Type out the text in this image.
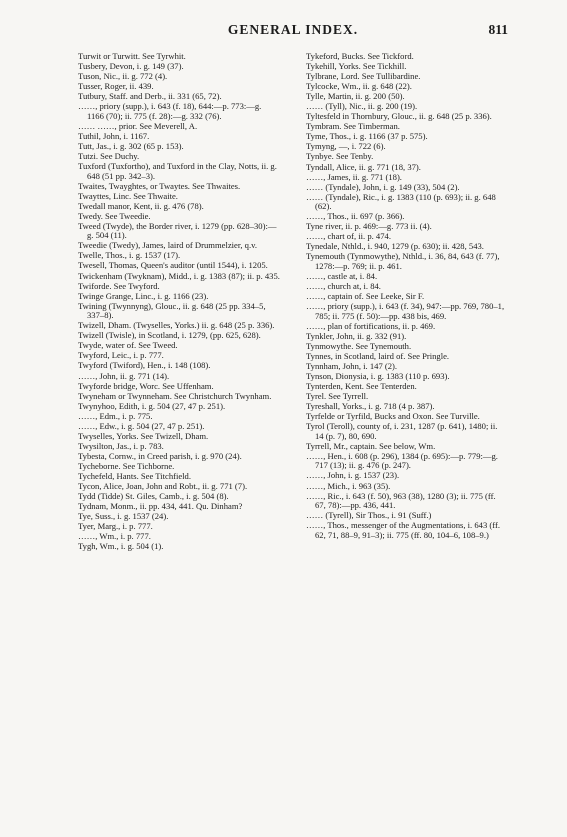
GENERAL INDEX.	811

Turwit or Turwitt. See Tyrwhit.

Tusbery, Devon, i. g. 149 (37).

Tuson, Nic., ii. g. 772 (4).

Tusser, Roger, ii. 439.

Tutbury, Staff. and Derb., ii. 331 (65, 72).

……, priory (supp.), i. 643 (f. 18), 644:—p. 773:—g. 1166 (70); ii. 775 (f. 28):—g. 332 (76).

…… ……, prior. See Meverell, A.

Tuthil, John, i. 1167.

Tutt, Jas., i. g. 302 (65 p. 153).

Tutzi. See Duchy.

Tuxford (Tuxfortho), and Tuxford in the Clay, Notts, ii. g. 648 (51 pp. 342–3).

Twaites, Twayghtes, or Twaytes. See Thwaites.

Twayttes, Linc. See Thwaite.

Twedall manor, Kent, ii. g. 476 (78).

Twedy. See Tweedie.

Tweed (Twyde), the Border river, i. 1279 (pp. 628–30):—g. 504 (11).

Tweedie (Twedy), James, laird of Drummelzier, q.v.

Twelle, Thos., i. g. 1537 (17).

Twesell, Thomas, Queen's auditor (until 1544), i. 1205.

Twickenham (Twyknam), Midd., i. g. 1383 (87); ii. p. 435.

Twiforde. See Twyford.

Twinge Grange, Linc., i. g. 1166 (23).

Twining (Twynnyng), Glouc., ii. g. 648 (25 pp. 334–5, 337–8).

Twizell, Dham. (Twyselles, Yorks.) ii. g. 648 (25 p. 336).

Twizell (Twisle), in Scotland, i. 1279, (pp. 625, 628).

Twyde, water of. See Tweed.

Twyford, Leic., i. p. 777.

Twyford (Twiford), Hen., i. 148 (108).

……, John, ii. g. 771 (14).

Twyforde bridge, Worc. See Uffenham.

Twyneham or Twynneham. See Christchurch Twynham.

Twynyhoo, Edith, i. g. 504 (27, 47 p. 251).

……, Edm., i. p. 775.

……, Edw., i. g. 504 (27, 47 p. 251).

Twyselles, Yorks. See Twizell, Dham.

Twysilton, Jas., i. p. 783.

Tybesta, Cornw., in Creed parish, i. g. 970 (24).

Tycheborne. See Tichborne.

Tychefeld, Hants. See Titchfield.

Tycon, Alice, Joan, John and Robt., ii. g. 771 (7).

Tydd (Tidde) St. Giles, Camb., i. g. 504 (8).

Tydnam, Monm., ii. pp. 434, 441. Qu. Dinham?

Tye, Suss., i. g. 1537 (24).

Tyer, Marg., i. p. 777.

……, Wm., i. p. 777.

Tygh, Wm., i. g. 504 (1).

Tykeford, Bucks. See Tickford.

Tykehill, Yorks. See Tickhill.

Tylbrane, Lord. See Tullibardine.

Tylcocke, Wm., ii. g. 648 (22).

Tylle, Martin, ii. g. 200 (50).

…… (Tyll), Nic., ii. g. 200 (19).

Tyltesfeld in Thornbury, Glouc., ii. g. 648 (25 p. 336).

Tymbram. See Timberman.

Tyme, Thos., i. g. 1166 (37 p. 575).

Tymyng, —, i. 722 (6).

Tynbye. See Tenby.

Tyndall, Alice, ii. g. 771 (18, 37).

……, James, ii. g. 771 (18).

…… (Tyndale), John, i. g. 149 (33), 504 (2).

…… (Tyndale), Ric., i. g. 1383 (110 (p. 693); ii. g. 648 (62).

……, Thos., ii. 697 (p. 366).

Tyne river, ii. p. 469:—g. 773 ii. (4).

……, chart of, ii. p. 474.

Tynedale, Nthld., i. 940, 1279 (p. 630); ii. 428, 543.

Tynemouth (Tynmowythe), Nthld., i. 36, 84, 643 (f. 77), 1278:—p. 769; ii. p. 461.

……, castle at, i. 84.

……, church at, i. 84.

……, captain of. See Leeke, Sir F.

……, priory (supp.), i. 643 (f. 34), 947:—pp. 769, 780–1, 785; ii. 775 (f. 50):—pp. 438 bis, 469.

……, plan of fortifications, ii. p. 469.

Tynkler, John, ii. g. 332 (91).

Tynmowythe. See Tynemouth.

Tynnes, in Scotland, laird of. See Pringle.

Tynnham, John, i. 147 (2).

Tynson, Dionysia, i. g. 1383 (110 p. 693).

Tynterden, Kent. See Tenterden.

Tyrel. See Tyrrell.

Tyreshall, Yorks., i. g. 718 (4 p. 387).

Tyrfelde or Tyrfild, Bucks and Oxon. See Turville.

Tyrol (Teroll), county of, i. 231, 1287 (p. 641), 1480; ii. 14 (p. 7), 80, 690.

Tyrrell, Mr., captain. See below, Wm.

……, Hen., i. 608 (p. 296), 1384 (p. 695):—p. 779:—g. 717 (13); ii. g. 476 (p. 247).

……, John, i. g. 1537 (23).

……, Mich., i. 963 (35).

……, Ric., i. 643 (f. 50), 963 (38), 1280 (3); ii. 775 (ff. 67, 78):—pp. 436, 441.

…… (Tyrell), Sir Thos., i. 91 (Suff.)

……, Thos., messenger of the Augmentations, i. 643 (ff. 62, 71, 88–9, 91–3); ii. 775 (ff. 80, 104–6, 108–9.)
